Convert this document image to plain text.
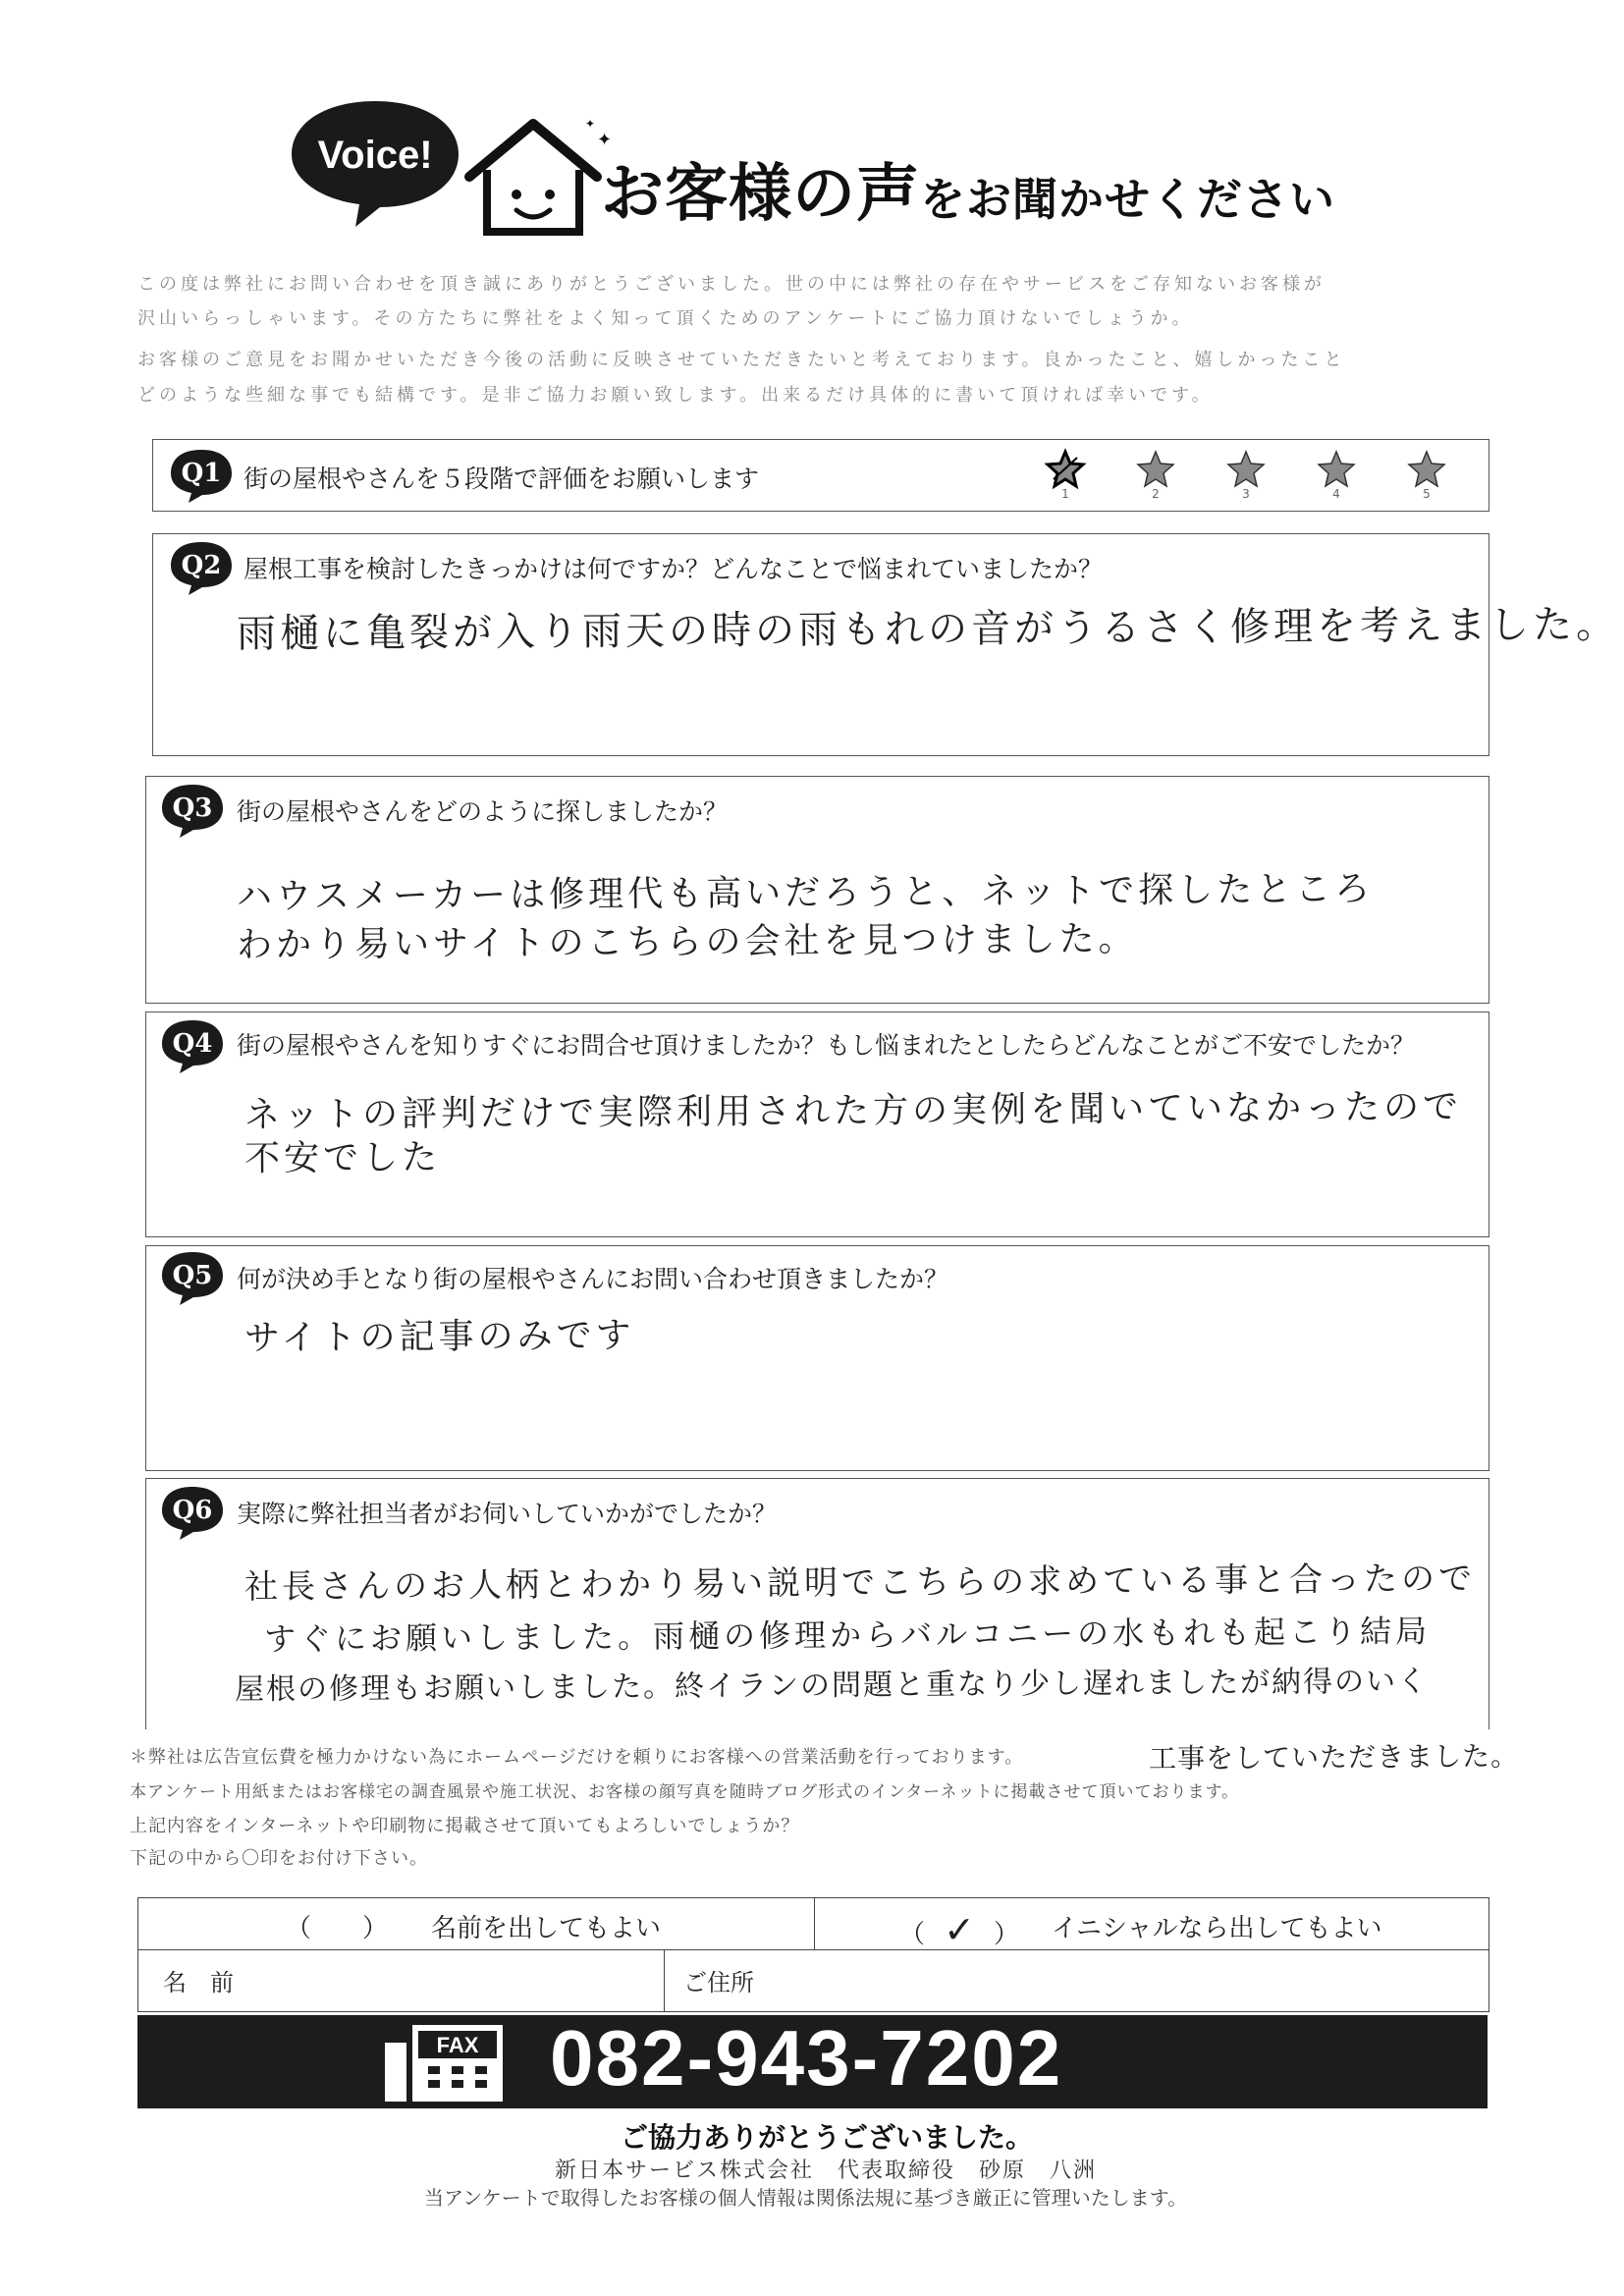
Voice!	✦
✦
お客様の声をお聞かせください
この度は弊社にお問い合わせを頂き誠にありがとうございました。世の中には弊社の存在やサービスをご存知ないお客様が
沢山いらっしゃいます。その方たちに弊社をよく知って頂くためのアンケートにご協力頂けないでしょうか。
お客様のご意見をお聞かせいただき今後の活動に反映させていただきたいと考えております。良かったこと、嬉しかったこと
どのような些細な事でも結構です。是非ご協力お願い致します。出来るだけ具体的に書いて頂ければ幸いです。
Q1 街の屋根やさんを５段階で評価をお願いします
1	2	3	4	5
Q2 屋根工事を検討したきっかけは何ですか？どんなことで悩まれていましたか？
雨樋に亀裂が入り雨天の時の雨もれの音がうるさく修理を考えました。
Q3 街の屋根やさんをどのように探しましたか？
ハウスメーカーは修理代も高いだろうと、ネットで探したところ
わかり易いサイトのこちらの会社を見つけました。
Q4 街の屋根やさんを知りすぐにお問合せ頂けましたか？もし悩まれたとしたらどんなことがご不安でしたか？
ネットの評判だけで実際利用された方の実例を聞いていなかったので
不安でした
Q5 何が決め手となり街の屋根やさんにお問い合わせ頂きましたか？
サイトの記事のみです
Q6 実際に弊社担当者がお伺いしていかがでしたか？
社長さんのお人柄とわかり易い説明でこちらの求めている事と合ったので
すぐにお願いしました。雨樋の修理からバルコニーの水もれも起こり結局
屋根の修理もお願いしました。終イランの問題と重なり少し遅れましたが納得のいく
工事をしていただきました。
＊弊社は広告宣伝費を極力かけない為にホームページだけを頼りにお客様への営業活動を行っております。
本アンケート用紙またはお客様宅の調査風景や施工状況、お客様の顔写真を随時ブログ形式のインターネットに掲載させて頂いております。
上記内容をインターネットや印刷物に掲載させて頂いてもよろしいでしょうか？
下記の中から〇印をお付け下さい。
（　　） 名前を出してもよい	（ ✓ ） イニシャルなら出してもよい
名　前	ご住所
FAX 082-943-7202
ご協力ありがとうございました。
新日本サービス株式会社　代表取締役　砂原　八洲
当アンケートで取得したお客様の個人情報は関係法規に基づき厳正に管理いたします。
